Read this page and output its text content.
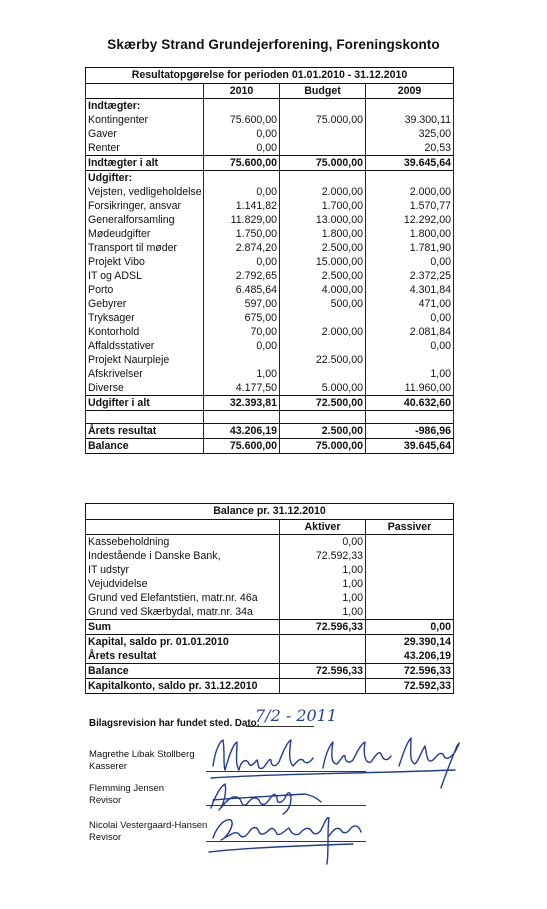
Skærby Strand Grundejerforening, Foreningskonto
Resultatopgørelse for perioden 01.01.2010 - 31.12.2010			
	2010	Budget	2009
Indtægter:			
Kontingenter	75.600,00	75.000,00	39.300,11
Gaver	0,00		325,00
Renter	0,00		20,53
Indtægter i alt	75.600,00	75.000,00	39.645,64
Udgifter:			
Vejsten, vedligeholdelse	0,00	2.000,00	2.000,00
Forsikringer, ansvar	1.141,82	1.700,00	1.570,77
Generalforsamling	11.829,00	13.000,00	12.292,00
Mødeudgifter	1.750,00	1.800,00	1.800,00
Transport til møder	2.874,20	2.500,00	1.781,90
Projekt Vibo	0,00	15.000,00	0,00
IT og ADSL	2.792,65	2.500,00	2.372,25
Porto	6.485,64	4.000,00	4.301,84
Gebyrer	597,00	500,00	471,00
Tryksager	675,00		0,00
Kontorhold	70,00	2.000,00	2.081,84
Affaldsstativer	0,00		0,00
Projekt Naurpleje		22.500,00	
Afskrivelser	1,00		1,00
Diverse	4.177,50	5.000,00	11.960,00
Udgifter i alt	32.393,81	72.500,00	40.632,60

Årets resultat	43.206,19	2.500,00	-986,96
Balance	75.600,00	75.000,00	39.645,64
Balance pr. 31.12.2010		
	Aktiver	Passiver
Kassebeholdning	0,00	
Indestående i Danske Bank,	72.592,33	
IT udstyr	1,00	
Vejudvidelse	1,00	
Grund ved Elefantstien, matr.nr. 46a	1,00	
Grund ved Skærbydal, matr.nr. 34a	1,00	
Sum	72.596,33	0,00
Kapital, saldo pr. 01.01.2010		29.390,14
Årets resultat		43.206,19
Balance	72.596,33	72.596,33
Kapitalkonto, saldo pr. 31.12.2010		72.592,33
Bilagsrevision har fundet sted. Dato:
7/2 - 2011
Magrethe Libak Stollberg
Kasserer
Flemming Jensen
Revisor
Nicolai Vestergaard-Hansen
Revisor
